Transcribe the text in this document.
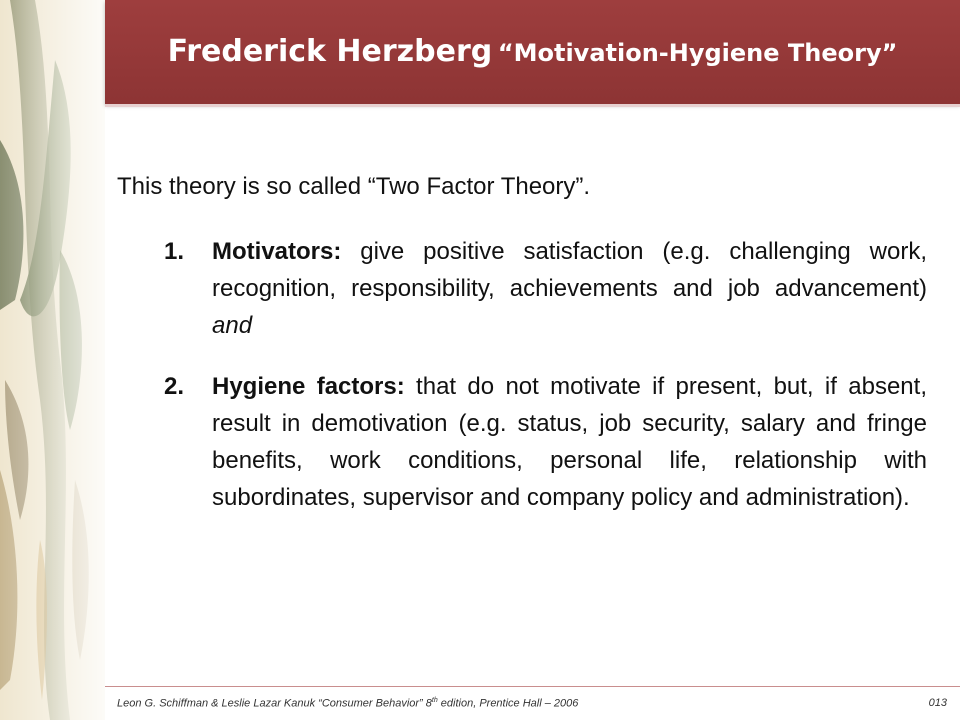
Frederick Herzberg “Motivation-Hygiene Theory”

This theory is so called “Two Factor Theory”.

1. Motivators: give positive satisfaction (e.g. challenging work, recognition, responsibility, achievements and job advancement) and
2. Hygiene factors: that do not motivate if present, but, if absent, result in demotivation (e.g. status, job security, salary and fringe benefits, work conditions, personal life, relationship with subordinates, supervisor and company policy and administration).
Leon G. Schiffman & Leslie Lazar Kanuk “Consumer Behavior” 8th edition, Prentice Hall – 2006	013
